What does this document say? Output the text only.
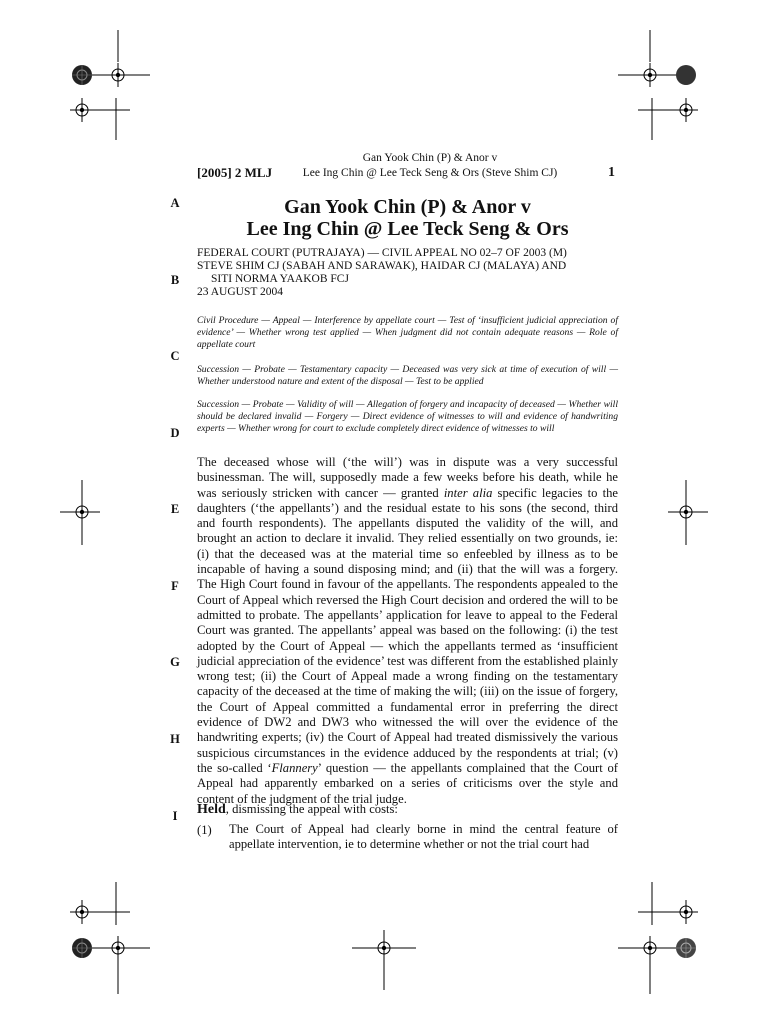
[2005] 2 MLJ
Gan Yook Chin (P) & Anor v
Lee Ing Chin @ Lee Teck Seng & Ors (Steve Shim CJ)	1
Gan Yook Chin (P) & Anor v
Lee Ing Chin @ Lee Teck Seng & Ors
FEDERAL COURT (PUTRAJAYA) — CIVIL APPEAL NO 02–7 OF 2003 (M)
STEVE SHIM CJ (SABAH AND SARAWAK), HAIDAR CJ (MALAYA) AND
SITI NORMA YAAKOB FCJ
23 AUGUST 2004
Civil Procedure — Appeal — Interference by appellate court — Test of ‘insufficient judicial appreciation of evidence’ — Whether wrong test applied — When judgment did not contain adequate reasons — Role of appellate court
Succession — Probate — Testamentary capacity — Deceased was very sick at time of execution of will — Whether understood nature and extent of the disposal — Test to be applied
Succession — Probate — Validity of will — Allegation of forgery and incapacity of deceased — Whether will should be declared invalid — Forgery — Direct evidence of witnesses to will and evidence of handwriting experts — Whether wrong for court to exclude completely direct evidence of witnesses to will
The deceased whose will (‘the will’) was in dispute was a very successful businessman. The will, supposedly made a few weeks before his death, while he was seriously stricken with cancer — granted inter alia specific legacies to the daughters (‘the appellants’) and the residual estate to his sons (the second, third and fourth respondents). The appellants disputed the validity of the will, and brought an action to declare it invalid. They relied essentially on two grounds, ie: (i) that the deceased was at the material time so enfeebled by illness as to be incapable of having a sound disposing mind; and (ii) that the will was a forgery. The High Court found in favour of the appellants. The respondents appealed to the Court of Appeal which reversed the High Court decision and ordered the will to be admitted to probate. The appellants’ application for leave to appeal to the Federal Court was granted. The appellants’ appeal was based on the following: (i) the test adopted by the Court of Appeal — which the appellants termed as ‘insufficient judicial appreciation of the evidence’ test was different from the established plainly wrong test; (ii) the Court of Appeal made a wrong finding on the testamentary capacity of the deceased at the time of making the will; (iii) on the issue of forgery, the Court of Appeal committed a fundamental error in preferring the direct evidence of DW2 and DW3 who witnessed the will over the evidence of the handwriting experts; (iv) the Court of Appeal had treated dismissively the various suspicious circumstances in the evidence adduced by the respondents at trial; (v) the so-called ‘Flannery’ question — the appellants complained that the Court of Appeal had apparently embarked on a series of criticisms over the style and content of the judgment of the trial judge.
Held, dismissing the appeal with costs:
(1) The Court of Appeal had clearly borne in mind the central feature of appellate intervention, ie to determine whether or not the trial court had
A
B
C
D
E
F
G
H
I
